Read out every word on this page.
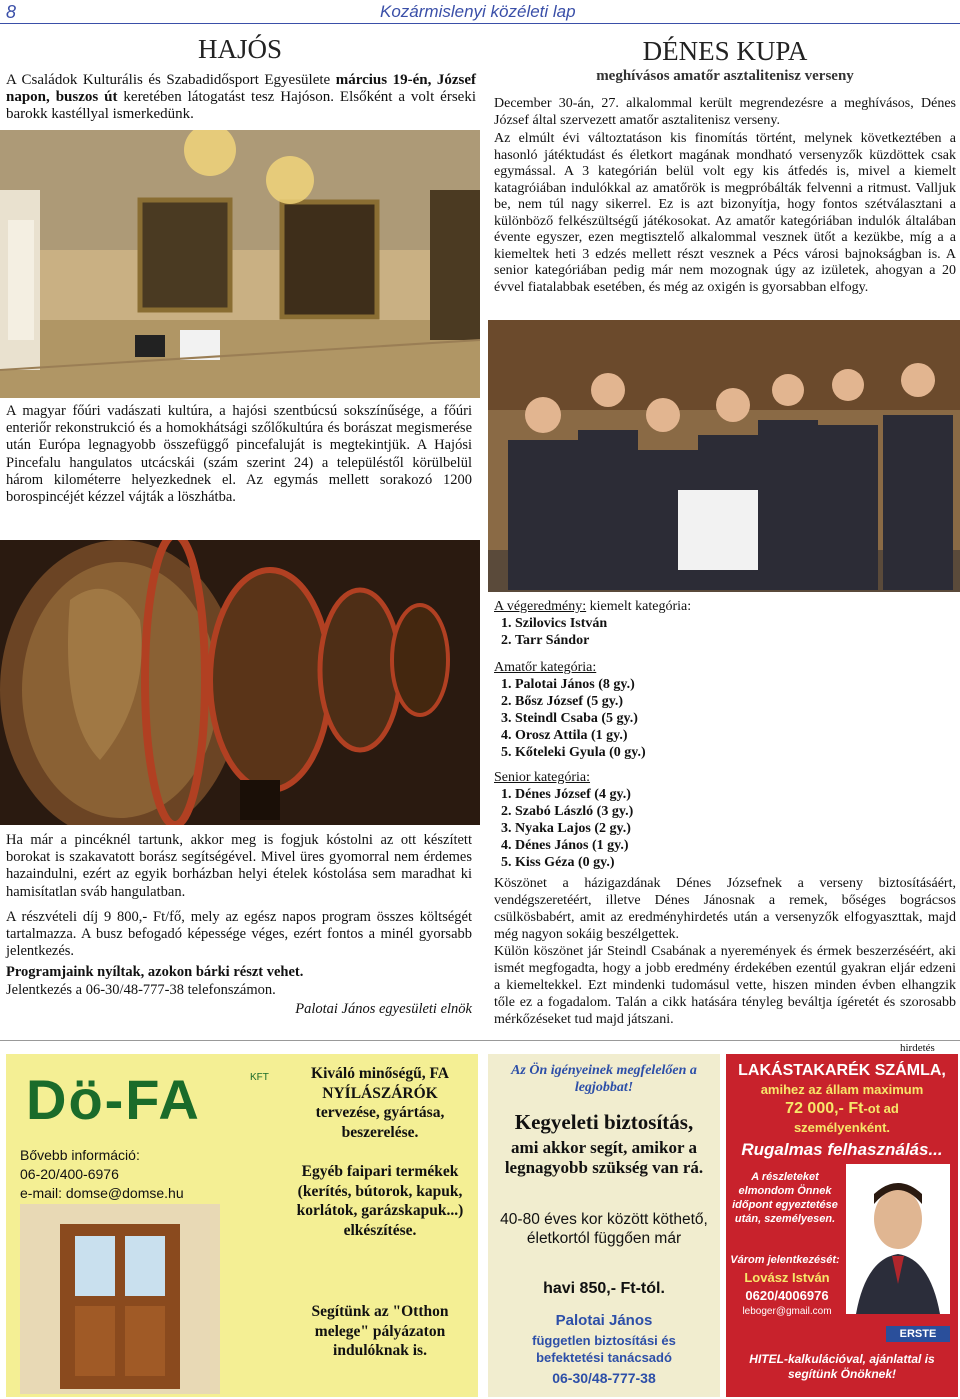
8	Kozármislenyi közéleti lap
HAJÓS

A Családok Kulturális és Szabadidősport Egyesülete március 19-én, József napon, buszos út keretében látogatást tesz Hajóson. Elsőként a volt érseki barokk kastéllyal ismerkedünk.

A magyar főúri vadászati kultúra, a hajósi szentbúcsú sokszínűsége, a főúri enteriőr rekonstrukció és a homokhátsági szőlőkultúra és borászat megismerése után Európa legnagyobb összefüggő pincefaluját is megtekintjük. A Hajósi Pincefalu hangulatos utcácskái (szám szerint 24) a településtől körülbelül három kilométerre helyezkednek el. Az egymás mellett sorakozó 1200 borospincéjét kézzel vájták a löszhátba.

Ha már a pincéknél tartunk, akkor meg is fogjuk kóstolni az ott készített borokat is szakavatott borász segítségével. Mivel üres gyomorral nem érdemes hazaindulni, ezért az egyik borházban helyi ételek kóstolása sem maradhat ki hamisítatlan sváb hangulatban.

A részvételi díj 9 800,- Ft/fő, mely az egész napos program összes költségét tartalmazza. A busz befogadó képessége véges, ezért fontos a minél gyorsabb jelentkezés.

Programjaink nyíltak, azokon bárki részt vehet.

Jelentkezés a 06-30/48-777-38 telefonszámon.

Palotai János egyesületi elnök

DÉNES KUPA
meghívásos amatőr asztalitenisz verseny

December 30-án, 27. alkalommal került megrendezésre a meghívásos, Dénes József által szervezett amatőr asztalitenisz verseny.

Az elmúlt évi változtatáson kis finomítás történt, melynek következtében a hasonló játéktudást és életkort magának mondható versenyzők küzdöttek csak egymással. A 3 kategórián belül volt egy kis átfedés is, mivel a kiemelt katagróiában indulókkal az amatőrök is megpróbálták felvenni a ritmust. Valljuk be, nem túl nagy sikerrel. Ez is azt bizonyítja, hogy fontos szétválasztani a különböző felkészültségű játékosokat. Az amatőr kategóriában indulók általában évente egyszer, ezen megtisztelő alkalommal vesznek ütőt a kezükbe, míg a a kiemeltek heti 3 edzés mellett részt vesznek a Pécs városi bajnokságban is. A senior kategóriában pedig már nem mozognak úgy az izületek, ahogyan a 20 évvel fiatalabbak esetében, és még az oxigén is gyorsabban elfogy.

A végeredmény: kiemelt kategória:
1. Szilovics István
2. Tarr Sándor
Amatőr kategória:
1. Palotai János (8 gy.)
2. Bősz József (5 gy.)
3. Steindl Csaba (5 gy.)
4. Orosz Attila (1 gy.)
5. Kőteleki Gyula (0 gy.)
Senior kategória:
1. Dénes József (4 gy.)
2. Szabó László (3 gy.)
3. Nyaka Lajos (2 gy.)
4. Dénes János (1 gy.)
5. Kiss Géza (0 gy.)

Köszönet a házigazdának Dénes Józsefnek a verseny biztosításáért, vendégszeretéért, illetve Dénes Jánosnak a remek, bőséges bográcsos csülkösbabért, amit az eredményhirdetés után a versenyzők elfogyaszttak, majd még nagyon sokáig beszélgettek.

Külön köszönet jár Steindl Csabának a nyeremények és érmek beszerzéséért, aki ismét megfogadta, hogy a jobb eredmény érdekében ezentúl gyakran eljár edzeni a kiemeltekkel. Ezt mindenki tudomásul vette, hiszen minden évben elhangzik tőle ez a fogadalom. Talán a cikk hatására tényleg beváltja ígéretét és szorosabb mérkőzéseket tud majd játszani.

hirdetés
Dö-FA	KFT
Bővebb információ:
06-20/400-6976
e-mail: domse@domse.hu
Kiváló minőségű, FA NYÍLÁSZÁRÓK tervezése, gyártása, beszerelése.
Egyéb faipari termékek (kerítés, bútorok, kapuk, korlátok, garázskapuk...) elkészítése.
Segítünk az "Otthon melege" pályázaton indulóknak is.
Az Ön igényeinek megfelelően a legjobbat!
Kegyeleti biztosítás,
ami akkor segít, amikor a legnagyobb szükség van rá.
40-80 éves kor között köthető, életkortól függően már
havi 850,- Ft-tól.
Palotai János
független biztosítási és befektetési tanácsadó
06-30/48-777-38
LAKÁSTAKARÉK SZÁMLA,
amihez az állam maximum
72 000,- Ft-ot ad
személyenként.
Rugalmas felhasználás...
A részleteket elmondom Önnek időpont egyeztetése után, személyesen.
Várom jelentkezését:
Lovász István
0620/4006976
leboger@gmail.com
ERSTE
HITEL-kalkulációval, ajánlattal is segítünk Önöknek!
